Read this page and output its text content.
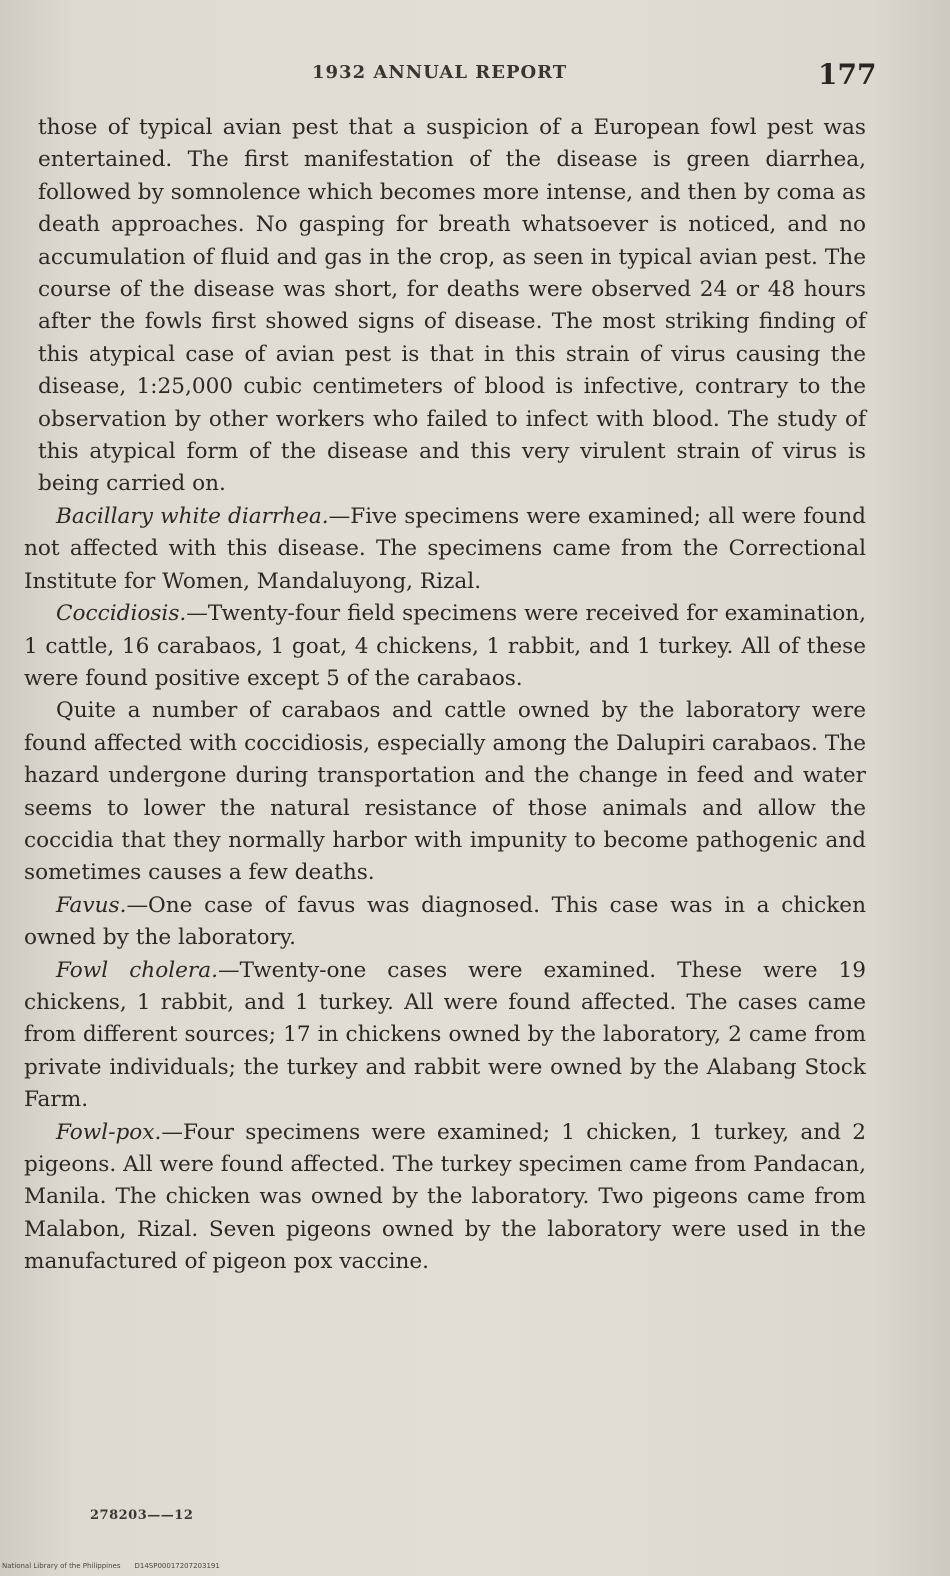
1932 ANNUAL REPORT	177

those of typical avian pest that a suspicion of a European fowl pest was entertained. The first manifestation of the disease is green diarrhea, followed by somnolence which becomes more intense, and then by coma as death approaches. No gasping for breath whatsoever is noticed, and no accumulation of fluid and gas in the crop, as seen in typical avian pest. The course of the disease was short, for deaths were observed 24 or 48 hours after the fowls first showed signs of disease. The most striking finding of this atypical case of avian pest is that in this strain of virus causing the disease, 1:25,000 cubic centimeters of blood is infective, contrary to the observation by other workers who failed to infect with blood. The study of this atypical form of the disease and this very virulent strain of virus is being carried on.

Bacillary white diarrhea.—Five specimens were examined; all were found not affected with this disease. The specimens came from the Correctional Institute for Women, Mandaluyong, Rizal.

Coccidiosis.—Twenty-four field specimens were received for examination, 1 cattle, 16 carabaos, 1 goat, 4 chickens, 1 rabbit, and 1 turkey. All of these were found positive except 5 of the carabaos.

Quite a number of carabaos and cattle owned by the laboratory were found affected with coccidiosis, especially among the Dalupiri carabaos. The hazard undergone during transportation and the change in feed and water seems to lower the natural resistance of those animals and allow the coccidia that they normally harbor with impunity to become pathogenic and sometimes causes a few deaths.

Favus.—One case of favus was diagnosed. This case was in a chicken owned by the laboratory.

Fowl cholera.—Twenty-one cases were examined. These were 19 chickens, 1 rabbit, and 1 turkey. All were found affected. The cases came from different sources; 17 in chickens owned by the laboratory, 2 came from private individuals; the turkey and rabbit were owned by the Alabang Stock Farm.

Fowl-pox.—Four specimens were examined; 1 chicken, 1 turkey, and 2 pigeons. All were found affected. The turkey specimen came from Pandacan, Manila. The chicken was owned by the laboratory. Two pigeons came from Malabon, Rizal. Seven pigeons owned by the laboratory were used in the manufactured of pigeon pox vaccine.

278203——12
National Library of the Philippines D14SP00017207203191
